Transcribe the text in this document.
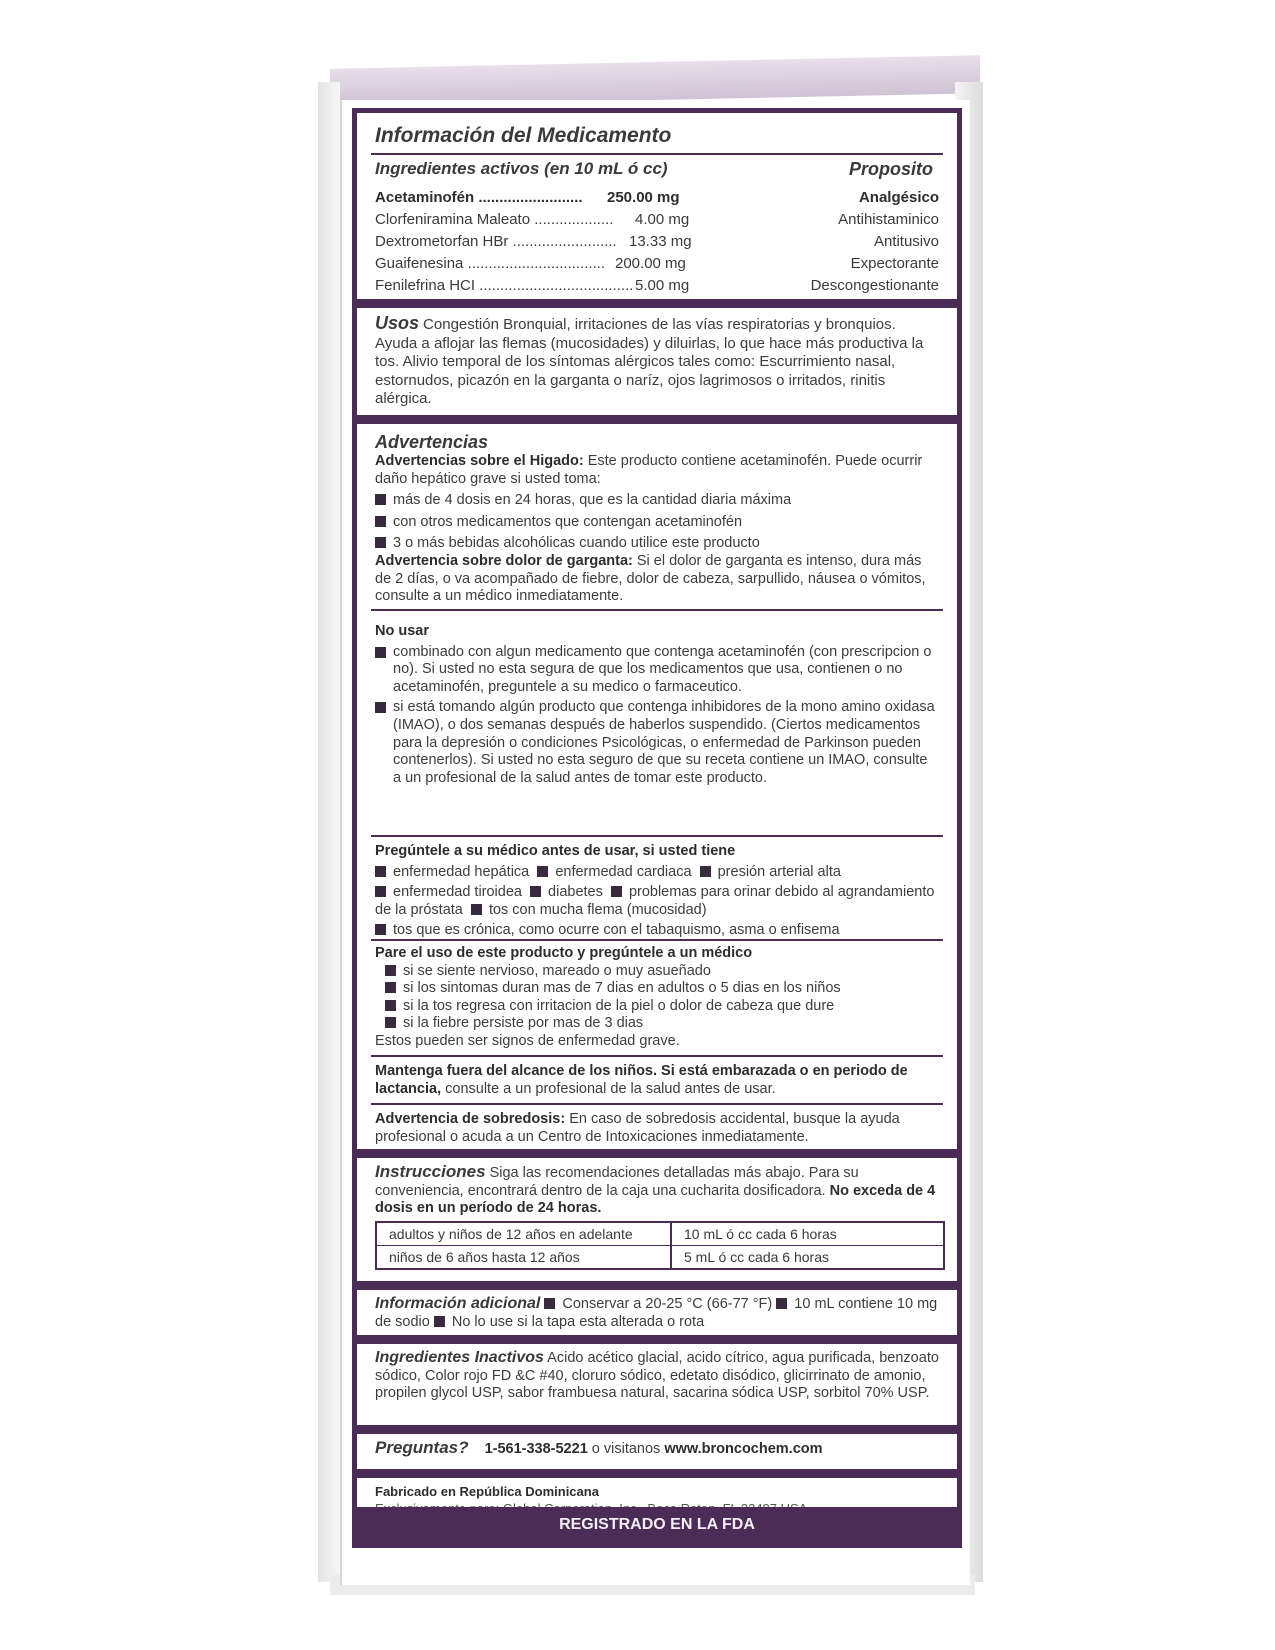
Información del Medicamento
Ingredientes activos (en 10 mL ó cc)	Proposito
Acetaminofén .........................	250.00 mg	Analgésico
Clorfeniramina Maleato ...................	4.00 mg	Antihistaminico
Dextrometorfan HBr ......................... 13.33 mg	Antitusivo
Guaifenesina ................................. 200.00 mg	Expectorante
Fenilefrina HCI ..................................... 5.00 mg	Descongestionante
Usos Congestión Bronquial, irritaciones de las vías respiratorias y bronquios. Ayuda a aflojar las flemas (mucosidades) y diluirlas, lo que hace más productiva la tos. Alivio temporal de los síntomas alérgicos tales como: Escurrimiento nasal, estornudos, picazón en la garganta o naríz, ojos lagrimosos o irritados, rinitis alérgica.
Advertencias
Advertencias sobre el Higado: Este producto contiene acetaminofén. Puede ocurrir daño hepático grave si usted toma:
más de 4 dosis en 24 horas, que es la cantidad diaria máxima
con otros medicamentos que contengan acetaminofén
3 o más bebidas alcohólicas cuando utilice este producto
Advertencia sobre dolor de garganta: Si el dolor de garganta es intenso, dura más de 2 días, o va acompañado de fiebre, dolor de cabeza, sarpullido, náusea o vómitos, consulte a un médico inmediatamente.
No usar
combinado con algun medicamento que contenga acetaminofén (con prescripcion o no). Si usted no esta segura de que los medicamentos que usa, contienen o no acetaminofén, preguntele a su medico o farmaceutico.
si está tomando algún producto que contenga inhibidores de la mono amino oxidasa (IMAO), o dos semanas después de haberlos suspendido. (Ciertos medicamentos para la depresión o condiciones Psicológicas, o enfermedad de Parkinson pueden contenerlos). Si usted no esta seguro de que su receta contiene un IMAO, consulte a un profesional de la salud antes de tomar este producto.
Pregúntele a su médico antes de usar, si usted tiene
enfermedad hepática enfermedad cardiaca presión arterial alta
enfermedad tiroidea diabetes problemas para orinar debido al agrandamiento de la próstata tos con mucha flema (mucosidad)
tos que es crónica, como ocurre con el tabaquismo, asma o enfisema
Pare el uso de este producto y pregúntele a un médico
si se siente nervioso, mareado o muy asueñado
si los sintomas duran mas de 7 dias en adultos o 5 dias en los niños
si la tos regresa con irritacion de la piel o dolor de cabeza que dure
si la fiebre persiste por mas de 3 dias
Estos pueden ser signos de enfermedad grave.
Mantenga fuera del alcance de los niños. Si está embarazada o en periodo de lactancia, consulte a un profesional de la salud antes de usar.
Advertencia de sobredosis: En caso de sobredosis accidental, busque la ayuda profesional o acuda a un Centro de Intoxicaciones inmediatamente.
Instrucciones Siga las recomendaciones detalladas más abajo. Para su conveniencia, encontrará dentro de la caja una cucharita dosificadora. No exceda de 4 dosis en un período de 24 horas.
adultos y niños de 12 años en adelante	10 mL ó cc cada 6 horas
niños de 6 años hasta 12 años	5 mL ó cc cada 6 horas
Información adicional Conservar a 20-25 °C (66-77 °F) 10 mL contiene 10 mg de sodio No lo use si la tapa esta alterada o rota
Ingredientes Inactivos Acido acético glacial, acido cítrico, agua purificada, benzoato sódico, Color rojo FD &C #40, cloruro sódico, edetato disódico, glicirrinato de amonio, propilen glycol USP, sabor frambuesa natural, sacarina sódica USP, sorbitol 70% USP.
Preguntas? 1-561-338-5221 o visitanos www.broncochem.com
Fabricado en República Dominicana
REGISTRADO EN LA FDA
